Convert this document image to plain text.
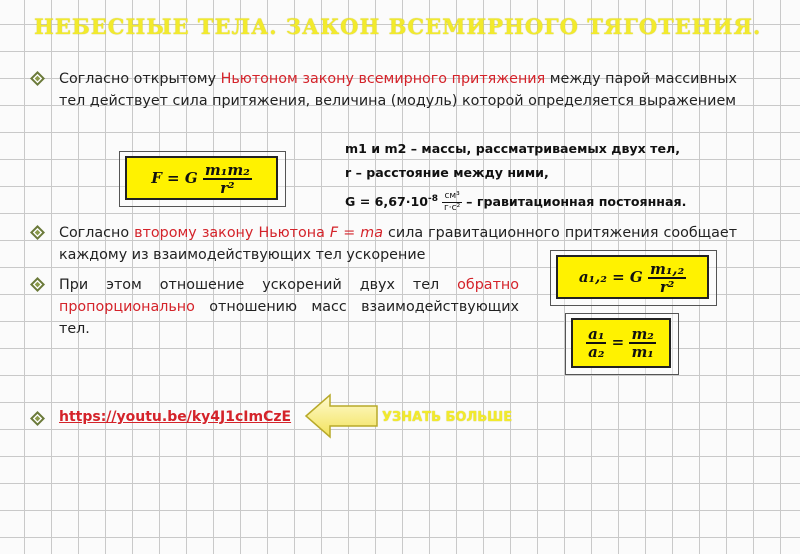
НЕБЕСНЫЕ ТЕЛА. ЗАКОН ВСЕМИРНОГО ТЯГОТЕНИЯ.
Согласно открытому Ньютоном закону всемирного притяжения между парой массивных тел действует сила притяжения, величина (модуль) которой определяется выражением
F = G $\frac{\text{m₁m₂}}{\text{r²}}$
m1 и m2 – массы, рассматриваемых двух тел,
r – расстояние между ними,
$G = 6,67\cdot 10^{-8} \frac{\text{см³}}{\text{г·с²}}$ – гравитационная постоянная.
Согласно второму закону Ньютона F = ma сила гравитационного притяжения сообщает каждому из взаимодействующих тел ускорение
При этом отношение ускорений двух тел обратно пропорционально отношению масс взаимодействующих тел.
a₁,₂ = G $\frac{\text{m₁,₂}}{\text{r²}}$
$\frac{\text{a₁}}{\text{a₂}} = \frac{\text{m₂}}{\text{m₁}}$
https://youtu.be/ky4J1cImCzE	УЗНАТЬ БОЛЬШЕ
